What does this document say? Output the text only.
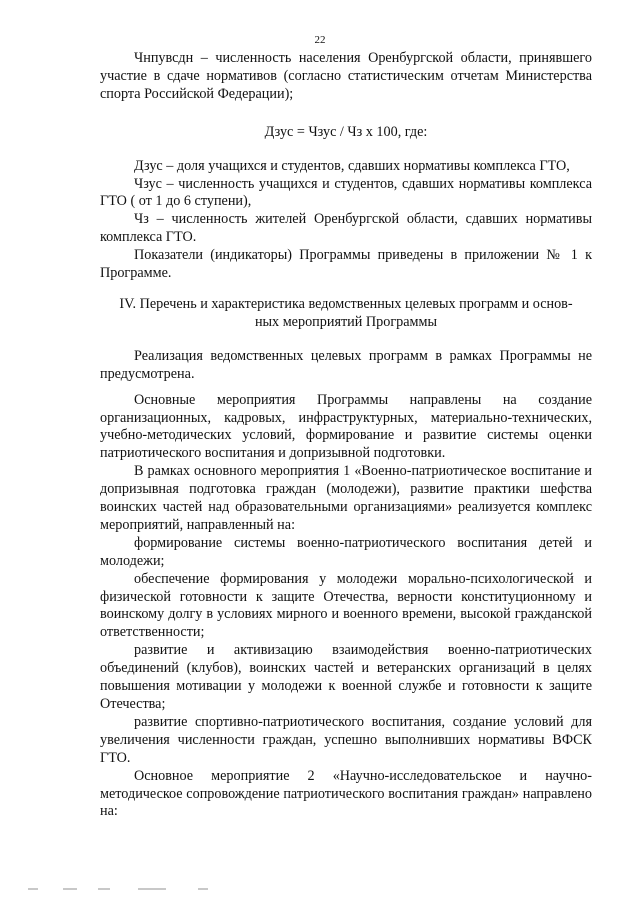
22

Чнпувсдн – численность населения Оренбургской области, принявшего участие в сдаче нормативов (согласно статистическим отчетам Министерства спорта Российской Федерации);

Дзус = Чзус / Чз х 100, где:

Дзус – доля учащихся и студентов, сдавших нормативы комплекса ГТО,

Чзус – численность учащихся и студентов, сдавших нормативы комплекса ГТО ( от 1 до 6 ступени),

Чз – численность жителей Оренбургской области, сдавших нормативы комплекса ГТО.

Показатели (индикаторы) Программы приведены в приложении № 1 к Программе.

IV. Перечень и характеристика ведомственных целевых программ и основ-
ных мероприятий Программы

Реализация ведомственных целевых программ в рамках Программы не предусмотрена.

Основные мероприятия Программы направлены на создание организационных, кадровых, инфраструктурных, материально-технических, учебно-методических условий, формирование и развитие системы оценки патриотического воспитания и допризывной подготовки.

В рамках основного мероприятия 1 «Военно-патриотическое воспитание и допризывная подготовка граждан (молодежи), развитие практики шефства воинских частей над образовательными организациями» реализуется комплекс мероприятий, направленный на:

формирование системы военно-патриотического воспитания детей и молодежи;

обеспечение формирования у молодежи морально-психологической и физической готовности к защите Отечества, верности конституционному и воинскому долгу в условиях мирного и военного времени, высокой гражданской ответственности;

развитие и активизацию взаимодействия военно-патриотических объединений (клубов), воинских частей и ветеранских организаций в целях повышения мотивации у молодежи к военной службе и готовности к защите Отечества;

развитие спортивно-патриотического воспитания, создание условий для увеличения численности граждан, успешно выполнивших нормативы ВФСК ГТО.

Основное мероприятие 2 «Научно-исследовательское и научно-методическое сопровождение патриотического воспитания граждан» направлено на:
